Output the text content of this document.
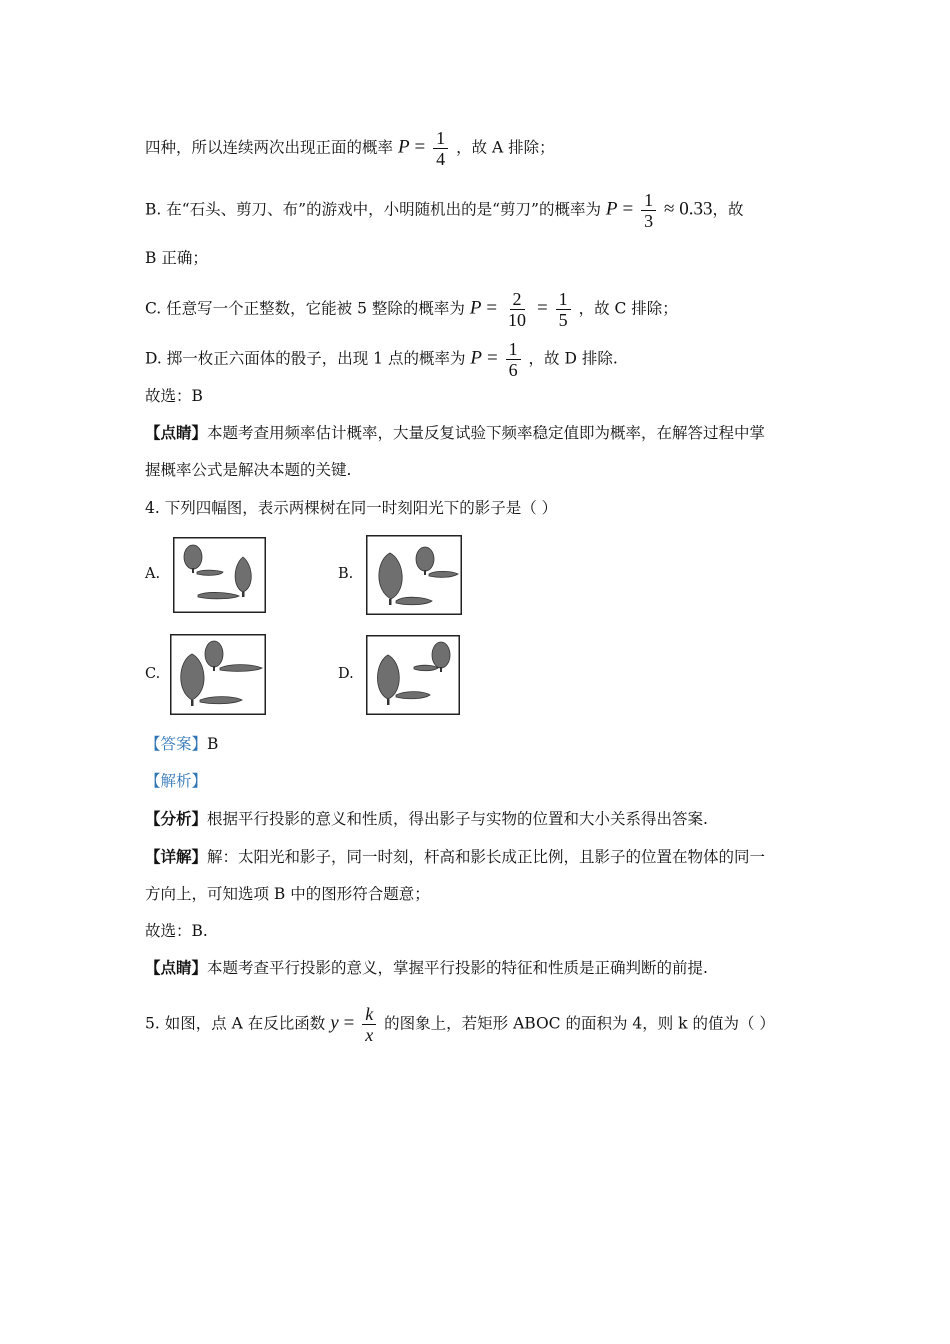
四种，所以连续两次出现正面的概率 $P = \frac{1}{4}$ ，故 A 排除；
B. 在“石头、剪刀、布”的游戏中，小明随机出的是“剪刀”的概率为 $P = \frac{1}{3} \approx 0.33$，故
B 正确；
C. 任意写一个正整数，它能被 5 整除的概率为 $P = \frac{2}{10} = \frac{1}{5}$ ，故 C 排除；
D. 掷一枚正六面体的骰子，出现 1 点的概率为 $P = \frac{1}{6}$ ，故 D 排除.
故选：B
【点睛】本题考查用频率估计概率，大量反复试验下频率稳定值即为概率，在解答过程中掌
握概率公式是解决本题的关键.
4. 下列四幅图，表示两棵树在同一时刻阳光下的影子是（ ）
A.	B.
C.	D.
【答案】B
【解析】
【分析】根据平行投影的意义和性质，得出影子与实物的位置和大小关系得出答案.
【详解】解：太阳光和影子，同一时刻，杆高和影长成正比例，且影子的位置在物体的同一
方向上，可知选项 B 中的图形符合题意；
故选：B.
【点睛】本题考查平行投影的意义，掌握平行投影的特征和性质是正确判断的前提.
5. 如图，点 A 在反比函数 $y = \frac{k}{x}$ 的图象上，若矩形 ABOC 的面积为 4，则 k 的值为（ ）
